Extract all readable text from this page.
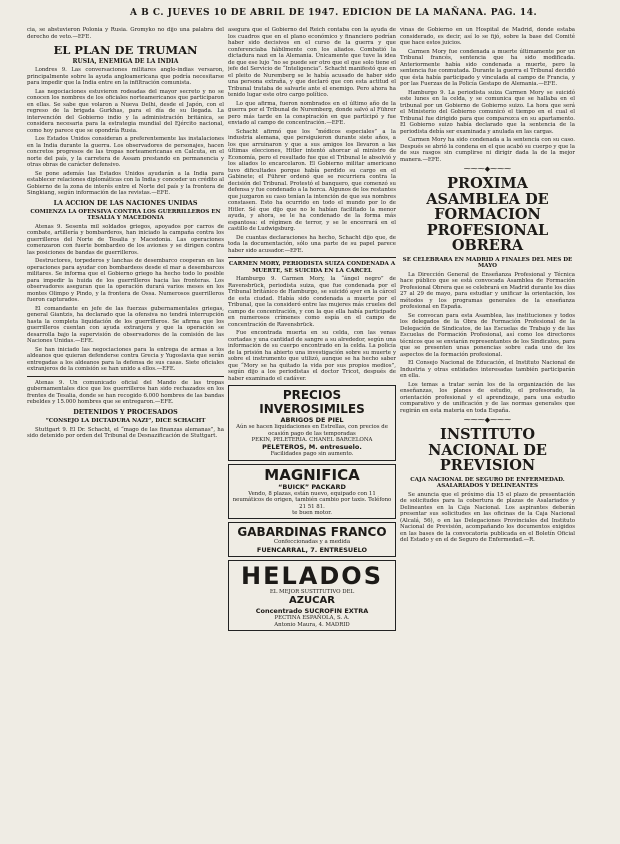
A B C. JUEVES 10 DE ABRIL DE 1947. EDICION DE LA MAÑANA. PAG. 14.

cia, se abstuvieron Polonia y Rusia. Gromyko no dijo una palabra del derecho de veto.—EFE.

EL PLAN DE TRUMAN
RUSIA, ENEMIGA DE LA INDIA

Londres 9. Las conversaciones militares anglo-indias versaron, principalmente sobre la ayuda angloamericana que podría necesitarse para impedir que la India entre en la infiltración comunista.

Las negociaciones estuvieron rodeadas del mayor secreto y no se conocen los nombres de los oficiales norteamericanos que participaron en ellas. Se sabe que volaron a Nueva Delhi, desde el Japón, con el regreso de la brigada Gurkhas, para el día de su llegada. La intervención del Gobierno indio y la administración británica, se considera necesaria para la estrategia mundial del Ejército nacional, como hoy parece que se opondría Rusia.

Los Estados Unidos consideran a preferentemente las instalaciones en la India durante la guerra. Los observadores de personajes, hacen concretos progresos de las tropas norteamericanas en Calcuta, en el norte del país, y la carretera de Assam prestando en permanencia y otras obras de carácter defensivo.

Se pone además las Estados Unidos ayudarán a la India para establecer relaciones diplomáticas con la India y conceder un crédito al Gobierno de la zona de interés entre el Norte del país y la frontera de Singkiang, según información de las revistas.—EFE.

LA ACCION DE LAS NACIONES UNIDAS
COMIENZA LA OFENSIVA CONTRA LOS GUERRILLEROS EN TESALIA Y MACEDONIA

Atenas 9. Sesenta mil soldados griegos, apoyados por carros de combate, artillería y bombarderos, han iniciado la campaña contra los guerrilleros del Norte de Tesalia y Macedonia. Las operaciones comenzaron con fuerte bombardeo de los aviones y se dirigen contra las posiciones de bandas de guerrilleros.

Destructores, torpederos y lanchas de desembarco cooperan en las operaciones para ayudar con bombardeos desde el mar a desembarcos militares. Se informa que el Gobierno griego ha hecho todo lo posible para impedir la huida de los guerrilleros hacia las fronteras. Los observadores aseguran que la operación durará varios meses en los montes Olimpo y Pindo, y la frontera de Ossa. Numerosos guerrilleros fueron capturados.

El comandante en jefe de las fuerzas gubernamentales griegas, general Giantzis, ha declarado que la ofensiva no tendrá interrupción hasta la completa liquidación de los guerrilleros. Se afirma que los guerrilleros cuentan con ayuda extranjera y que la operación se desarrolla bajo la supervisión de observadores de la comisión de las Naciones Unidas.—EFE.

Se han iniciado las negociaciones para la entrega de armas a los aldeanos que quieran defenderse contra Grecia y Yugoslavia que serán entregadas a los aldeanos para la defensa de sus casas. Siete oficiales extranjeros de la comisión se han unido a ellos.—EFE.

Atenas 9. Un comunicado oficial del Mando de las tropas gubernamentales dice que los guerrilleros han sido rechazados en los frentes de Tesalia, donde se han recogido 6.000 hombres de las bandas rebeldes y 15.000 hombres que se entregaron.—EFE.

DETENIDOS Y PROCESADOS
“CONSEJO LA DICTADURA NAZI”, DICE SCHACHT

Stuttgart 9. El Dr. Schacht, el “mago de las finanzas alemanas”, ha sido detenido por orden del Tribunal de Desnazificación de Stuttgart.

asegura que el Gobierno del Reich contaba con la ayuda de los cuadros que en el plano económico y financiero podrían haber sido decisivos en el curso de la guerra y que conferenciaba hábilmente con los aliados. Combatió la dictadura nazi en la Alemania. Únicamente que tuve la idea de que ese lujo “no se puede ser otro que el que solo tiene el jefe del Servicio de “Inteligencia”. Schacht manifestó que en el pleito de Nuremberg se le había acusado de haber sido una persona extraña, y que declaró que con esta actitud el Tribunal trataba de salvarle ante el enemigo. Pero ahora ha tenido lugar este otro cargo político.

Lo que afirma, fueron nombrados en el último año de la guerra por el Tribunal de Nuremberg, donde salvó al Führer pero más tarde en la conspiración en que participó y fue enviado al campo de concentración.—EFE.

Schacht afirmó que los “médicos especiales” a la industria alemana, que persiguieron durante siete años, a los que arruinaron y que a sus amigos los llevaron a las últimas elecciones, Hitler intentó ahorcar al ministro de Economía, pero el resultado fue que el Tribunal le absolvió y los aliados lo encarcelaron. El Gobierno militar americano tuvo dificultades porque había perdido su cargo en el Gabinete; el Führer ordenó que se recurriera contra la decisión del Tribunal. Protestó el banquero, que comenzó su defensa y fue condenado a la horca. Algunos de los restantes que juzgaron su caso tenían la intención de que sus nombres constasen. Esto ha ocurrido en todo el mundo por lo de Hitler. Sé que dijo que no le habían facilitado la menor ayuda, y ahora, se le ha condenado de la forma más espantosa: el régimen de terror, y se le encerrará en el castillo de Ludwigsburg.

De cuantas declaraciones ha hecho, Schacht dijo que, de toda la documentación, sólo una parte de su papel parece haber sido acusador.—EFE.

CARMEN MORY, PERIODISTA SUIZA CONDENADA A MUERTE, SE SUICIDA EN LA CARCEL

Hamburgo 9. Carmen Mory, la “ángel negro” de Ravensbrück, periodista suiza, que fue condenada por el Tribunal británico de Hamburgo, se suicidó ayer en la cárcel de esta ciudad. Había sido condenada a muerte por el Tribunal, que la consideró entre las mujeres más crueles del campo de concentración, y con la que ella había participado en numerosos crímenes como espía en el campo de concentración de Ravensbrück.

Fue encontrada muerta en su celda, con las venas cortadas y una cantidad de sangre a su alrededor, según una información de su cuerpo encontrado en la celda. La policía de la prisión ha abierto una investigación sobre su muerte y sobre el instrumento que utilizó, aunque se ha hecho saber que “Mory se ha quitado la vida por sus propios medios”, según dijo a los periodistas el doctor Tricot, después de haber examinado el cadáver.

PRECIOS INVEROSIMILES
ABRIGOS DE PIEL
Aún se hacen liquidaciones en Estrellas, con precios de ocasión pago de las temporadas
PEKIN, PELETERIA. CHANEL BARCELONA
PELETEROS, M. entresuelo.
Facilidades pago sin aumento.
MAGNIFICA
“BUICK” PACKARD
Vendo, 8 plazas, están nuevo, equipado con 11 neumáticos de origen, también cambio por taxis. Teléfono 21 51 81.
te buen motor.
GABARDINAS FRANCO
Confeccionadas y a medida
FUENCARRAL, 7. ENTRESUELO
HELADOS
EL MEJOR SUSTITUTIVO DEL
AZUCAR
Concentrado SUCROFIN EXTRA
PECTINA ESPAÑOLA, S. A.
Antonio Maura, 4. MADRID

vinas de Gobierno en un Hospital de Madrid, donde estaba considerado, es decir, así lo se fijó, sobre la base del Comité que hace estos juicios.

Carmen Mory fue condenada a muerte últimamente por un Tribunal francés, sentencia que ha sido modificada. Anteriormente había sido condenada a muerte, pero la sentencia fue conmutada. Durante la guerra el Tribunal decidió que ésta había participado y vinculada al campo de Francia, y por las Fuerzas de la Policía Gestapo de Alemania.—EFE.

Hamburgo 9. La periodista suiza Carmen Mory se suicidó este lunes en la celda, y se comunica que se hallaba en el tribunal por un Gobierno de Gobierno suizo. La hora que será el Ministerio del Gobierno comunicó el tiempo en el cual el Tribunal fue dirigido para que comparezca en su apartamento. El Gobierno suizo había declarado que la sentencia de la periodista debía ser examinada y anulada en las cargas.

Carmen Mory ha sido condenada a la sentencia con su caso. Después se abrió la condena en el que acabó su cuerpo y que la de sus rasgos sin cumplirse ni dirigir dada la de la mejor manera.—EFE.

⁓⁓⁓◆⁓⁓⁓
PROXIMA ASAMBLEA DE FORMACION PROFESIONAL OBRERA
SE CELEBRARA EN MADRID A FINALES DEL MES DE MAYO

La Dirección General de Enseñanza Profesional y Técnica hace público que se está convocada Asamblea de Formación Profesional Obrera que se celebrará en Madrid durante los días 27 al 29 de mayo, para estudiar y unificar la orientación, los métodos y los programas generales de la enseñanza profesional en España.

Se convocan para esta Asamblea, las instituciones y todos los delegados de la Obra de Formación Profesional de la Delegación de Sindicatos, de las Escuelas de Trabajo y de las Escuelas de Formación Profesional, así como los directores técnicos que se enviarán representantes de los Sindicatos, para que se presenten unas ponencias sobre cada uno de los aspectos de la formación profesional.

El Consejo Nacional de Educación, el Instituto Nacional de Industria y otras entidades interesadas también participarán en ella.

Los temas a tratar serán los de la organización de las enseñanzas, los planes de estudio, el profesorado, la orientación profesional y el aprendizaje, para una estudio comparativo y de unificación y de las normas generales que regirán en esta materia en toda España.

⁓⁓⁓◆⁓⁓⁓
INSTITUTO NACIONAL DE PREVISION
CAJA NACIONAL DE SEGURO DE ENFERMEDAD. ASALARIADOS Y DELINEANTES

Se anuncia que el próximo día 15 el plazo de presentación de solicitudes para la cobertura de plazas de Asalariados y Delineantes en la Caja Nacional. Los aspirantes deberán presentar sus solicitudes en las oficinas de la Caja Nacional (Alcalá, 56), o en las Delegaciones Provinciales del Instituto Nacional de Previsión, acompañando los documentos exigidos en las bases de la convocatoria publicada en el Boletín Oficial del Estado y en el de Seguro de Enfermedad.—R.
